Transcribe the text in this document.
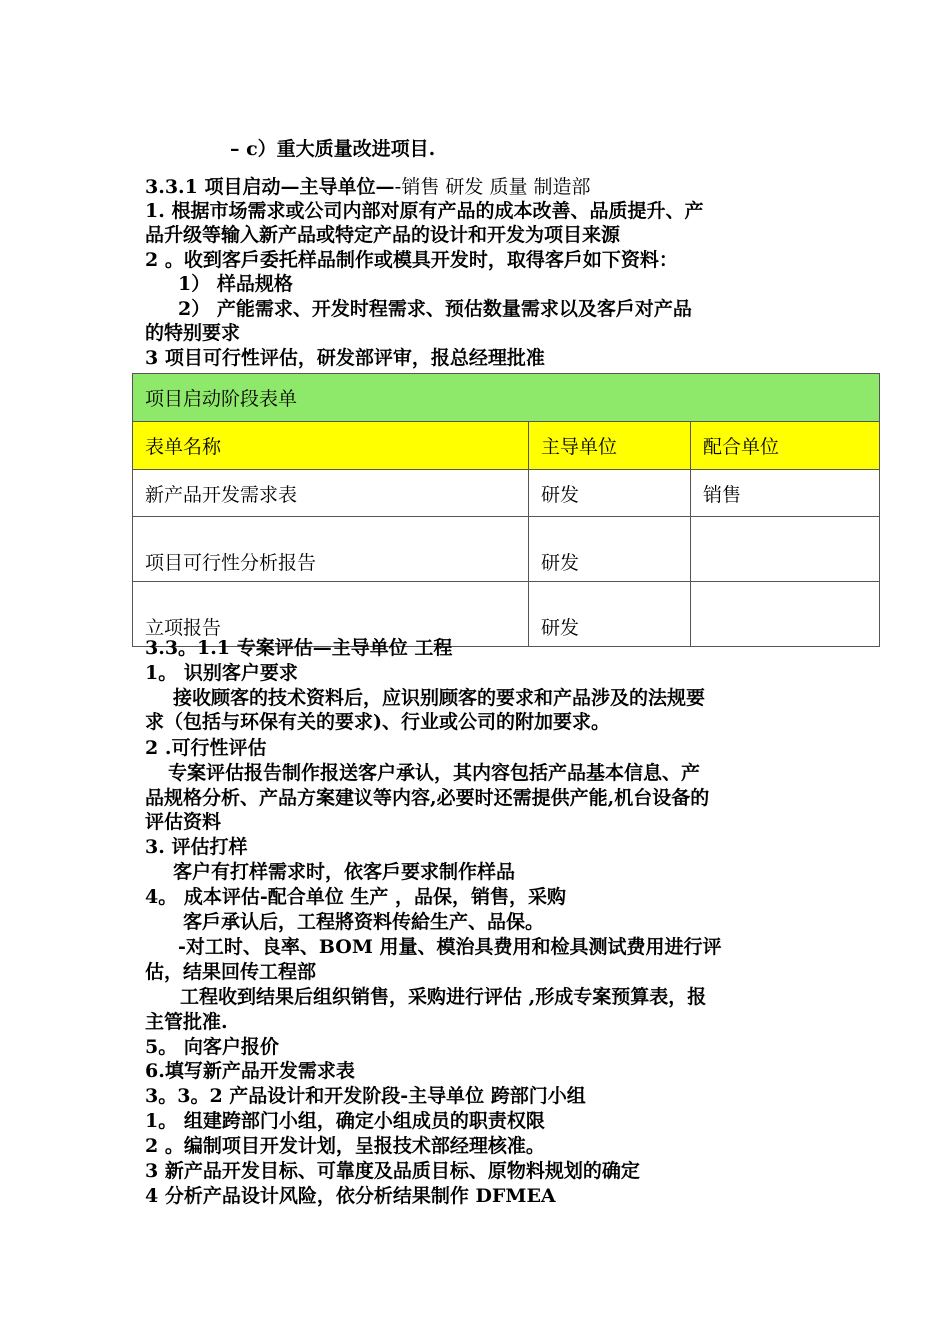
– c）重大质量改进项目.
3.3.1 项目启动—主导单位—-销售 研发 质量 制造部
1. 根据市场需求或公司内部对原有产品的成本改善、品质提升、产
品升级等输入新产品或特定产品的设计和开发为项目来源
2 。收到客戶委托样品制作或模具开发时，取得客戶如下资料：
1） 样品规格
2） 产能需求、开发时程需求、预估数量需求以及客戶对产品
的特别要求
3 项目可行性评估，研发部评审，报总经理批准
项目启动阶段表单		
表单名称	主导单位	配合单位
新产品开发需求表	研发	销售
项目可行性分析报告	研发	
立项报告	研发	
3.3。1.1 专案评估—主导单位 工程
1。 识别客户要求
接收顾客的技术资料后，应识别顾客的要求和产品涉及的法规要
求（包括与环保有关的要求)、行业或公司的附加要求。
2 .可行性评估
专案评估报告制作报送客户承认，其内容包括产品基本信息、产
品规格分析、产品方案建议等内容,必要时还需提供产能,机台设备的
评估资料
3. 评估打样
客户有打样需求时，依客戶要求制作样品
4。 成本评估-配合单位 生产 ，品保，销售，采购
客戶承认后，工程將资料传給生产、品保。
-对工时、良率、BOM 用量、模治具费用和检具测试费用进行评
估，结果回传工程部
工程收到结果后组织销售，采购进行评估 ,形成专案预算表，报
主管批准.
5。 向客户报价
6.填写新产品开发需求表
3。3。2 产品设计和开发阶段-主导单位 跨部门小组
1。 组建跨部门小组，确定小组成员的职责权限
2 。编制项目开发计划，呈报技术部经理核准。
3 新产品开发目标、可靠度及品质目标、原物料规划的确定
4 分析产品设计风险，依分析结果制作 DFMEA
